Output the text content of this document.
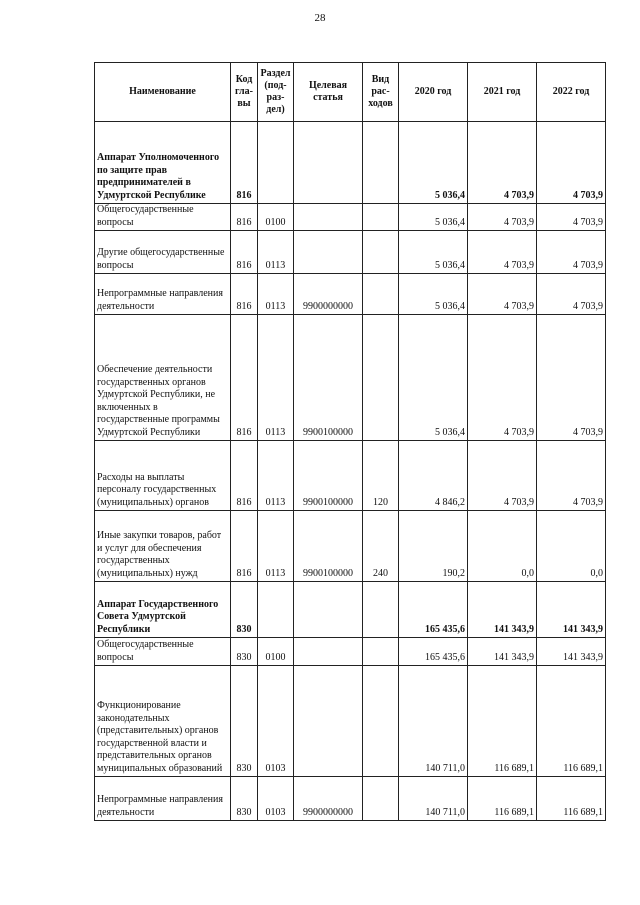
28
Наименование	Код гла- вы	Раздел (под- раз- дел)	Целевая статья	Вид рас- ходов	2020 год	2021 год	2022 год
Аппарат Уполномоченного по защите прав предпринимателей в Удмуртской Республике	816				5 036,4	4 703,9	4 703,9
Общегосударственные вопросы	816	0100			5 036,4	4 703,9	4 703,9
Другие общегосударственные вопросы	816	0113			5 036,4	4 703,9	4 703,9
Непрограммные направления деятельности	816	0113	9900000000		5 036,4	4 703,9	4 703,9
Обеспечение деятельности государственных органов Удмуртской Республики, не включенных в государственные программы Удмуртской Республики	816	0113	9900100000		5 036,4	4 703,9	4 703,9
Расходы на выплаты персоналу государственных (муниципальных) органов	816	0113	9900100000	120	4 846,2	4 703,9	4 703,9
Иные закупки товаров, работ и услуг для обеспечения государственных (муниципальных) нужд	816	0113	9900100000	240	190,2	0,0	0,0
Аппарат Государственного Совета Удмуртской Республики	830				165 435,6	141 343,9	141 343,9
Общегосударственные вопросы	830	0100			165 435,6	141 343,9	141 343,9
Функционирование законодательных (представительных) органов государственной власти и представительных органов муниципальных образований	830	0103			140 711,0	116 689,1	116 689,1
Непрограммные направления деятельности	830	0103	9900000000		140 711,0	116 689,1	116 689,1
